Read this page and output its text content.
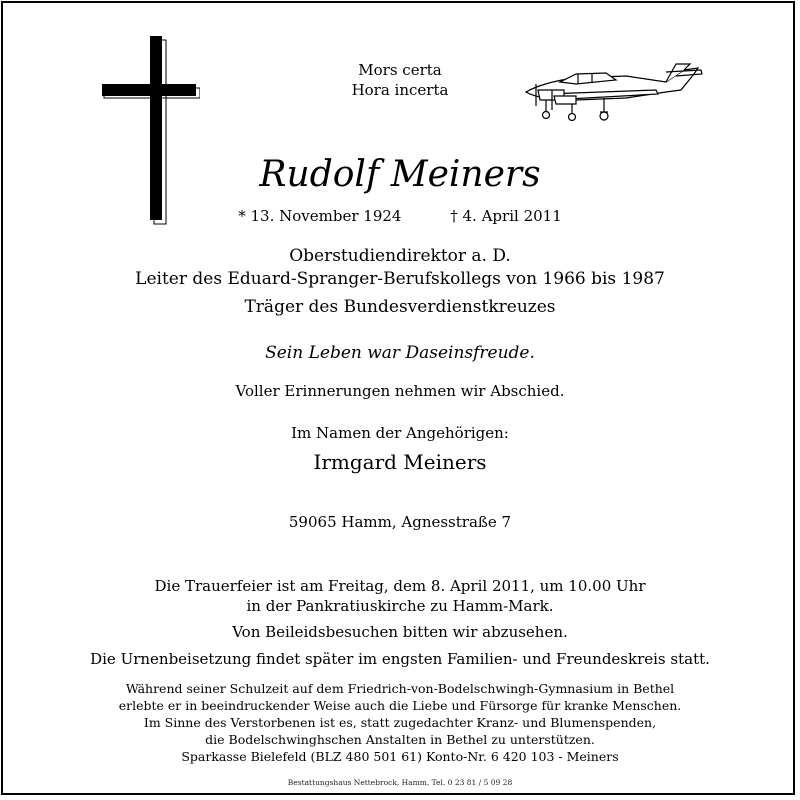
Mors certa
Hora incerta
Rudolf Meiners
* 13. November 1924	† 4. April 2011
Oberstudiendirektor a. D.
Leiter des Eduard-Spranger-Berufskollegs von 1966 bis 1987
Träger des Bundesverdienstkreuzes
Sein Leben war Daseinsfreude.
Voller Erinnerungen nehmen wir Abschied.
Im Namen der Angehörigen:
Irmgard Meiners
59065 Hamm, Agnesstraße 7
Die Trauerfeier ist am Freitag, dem 8. April 2011, um 10.00 Uhr
in der Pankratiuskirche zu Hamm-Mark.
Von Beileidsbesuchen bitten wir abzusehen.
Die Urnenbeisetzung findet später im engsten Familien- und Freundeskreis statt.
Während seiner Schulzeit auf dem Friedrich-von-Bodelschwingh-Gymnasium in Bethel
erlebte er in beeindruckender Weise auch die Liebe und Fürsorge für kranke Menschen.
Im Sinne des Verstorbenen ist es, statt zugedachter Kranz- und Blumenspenden,
die Bodelschwinghschen Anstalten in Bethel zu unterstützen.
Sparkasse Bielefeld (BLZ 480 501 61) Konto-Nr. 6 420 103 - Meiners
Bestattungshaus Nettebrock, Hamm, Tel. 0 23 81 / 5 09 28
